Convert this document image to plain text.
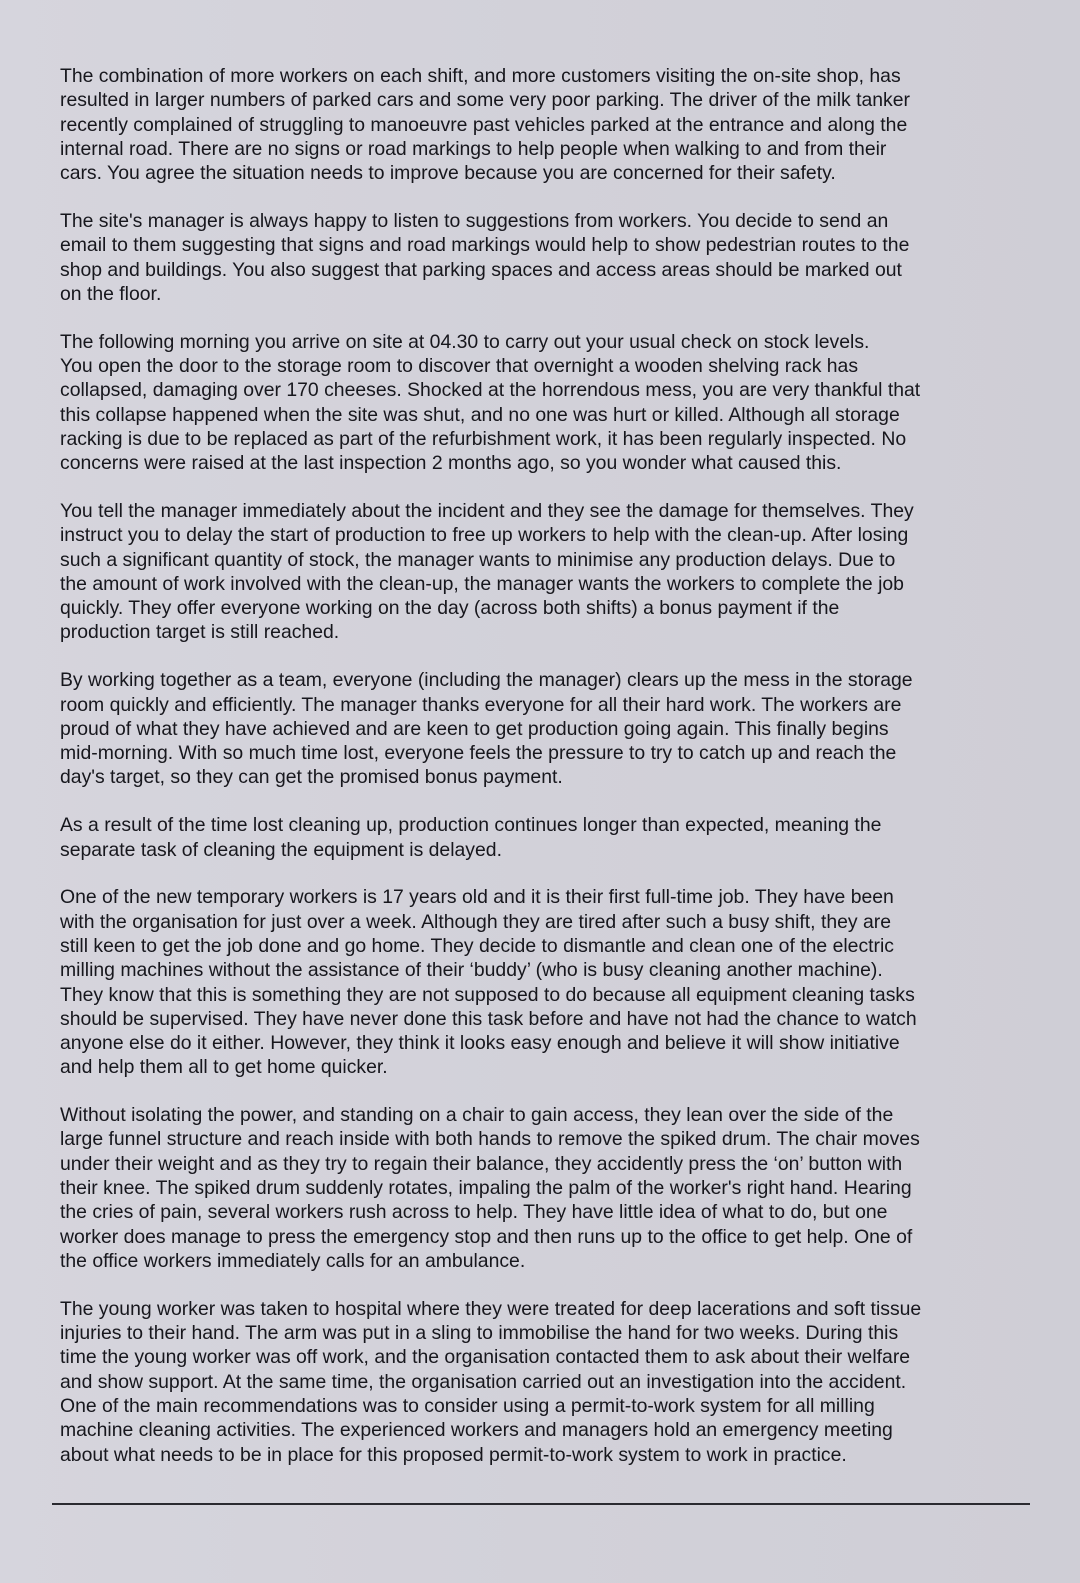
The combination of more workers on each shift, and more customers visiting the on-site shop, has
resulted in larger numbers of parked cars and some very poor parking. The driver of the milk tanker
recently complained of struggling to manoeuvre past vehicles parked at the entrance and along the
internal road. There are no signs or road markings to help people when walking to and from their
cars. You agree the situation needs to improve because you are concerned for their safety.

The site's manager is always happy to listen to suggestions from workers. You decide to send an
email to them suggesting that signs and road markings would help to show pedestrian routes to the
shop and buildings. You also suggest that parking spaces and access areas should be marked out
on the floor.

The following morning you arrive on site at 04.30 to carry out your usual check on stock levels.
You open the door to the storage room to discover that overnight a wooden shelving rack has
collapsed, damaging over 170 cheeses. Shocked at the horrendous mess, you are very thankful that
this collapse happened when the site was shut, and no one was hurt or killed. Although all storage
racking is due to be replaced as part of the refurbishment work, it has been regularly inspected. No
concerns were raised at the last inspection 2 months ago, so you wonder what caused this.

You tell the manager immediately about the incident and they see the damage for themselves. They
instruct you to delay the start of production to free up workers to help with the clean-up. After losing
such a significant quantity of stock, the manager wants to minimise any production delays. Due to
the amount of work involved with the clean-up, the manager wants the workers to complete the job
quickly. They offer everyone working on the day (across both shifts) a bonus payment if the
production target is still reached.

By working together as a team, everyone (including the manager) clears up the mess in the storage
room quickly and efficiently. The manager thanks everyone for all their hard work. The workers are
proud of what they have achieved and are keen to get production going again. This finally begins
mid-morning. With so much time lost, everyone feels the pressure to try to catch up and reach the
day's target, so they can get the promised bonus payment.

As a result of the time lost cleaning up, production continues longer than expected, meaning the
separate task of cleaning the equipment is delayed.

One of the new temporary workers is 17 years old and it is their first full-time job. They have been
with the organisation for just over a week. Although they are tired after such a busy shift, they are
still keen to get the job done and go home. They decide to dismantle and clean one of the electric
milling machines without the assistance of their ‘buddy’ (who is busy cleaning another machine).
They know that this is something they are not supposed to do because all equipment cleaning tasks
should be supervised. They have never done this task before and have not had the chance to watch
anyone else do it either. However, they think it looks easy enough and believe it will show initiative
and help them all to get home quicker.

Without isolating the power, and standing on a chair to gain access, they lean over the side of the
large funnel structure and reach inside with both hands to remove the spiked drum. The chair moves
under their weight and as they try to regain their balance, they accidently press the ‘on’ button with
their knee. The spiked drum suddenly rotates, impaling the palm of the worker's right hand. Hearing
the cries of pain, several workers rush across to help. They have little idea of what to do, but one
worker does manage to press the emergency stop and then runs up to the office to get help. One of
the office workers immediately calls for an ambulance.

The young worker was taken to hospital where they were treated for deep lacerations and soft tissue
injuries to their hand. The arm was put in a sling to immobilise the hand for two weeks. During this
time the young worker was off work, and the organisation contacted them to ask about their welfare
and show support. At the same time, the organisation carried out an investigation into the accident.
One of the main recommendations was to consider using a permit-to-work system for all milling
machine cleaning activities. The experienced workers and managers hold an emergency meeting
about what needs to be in place for this proposed permit-to-work system to work in practice.
